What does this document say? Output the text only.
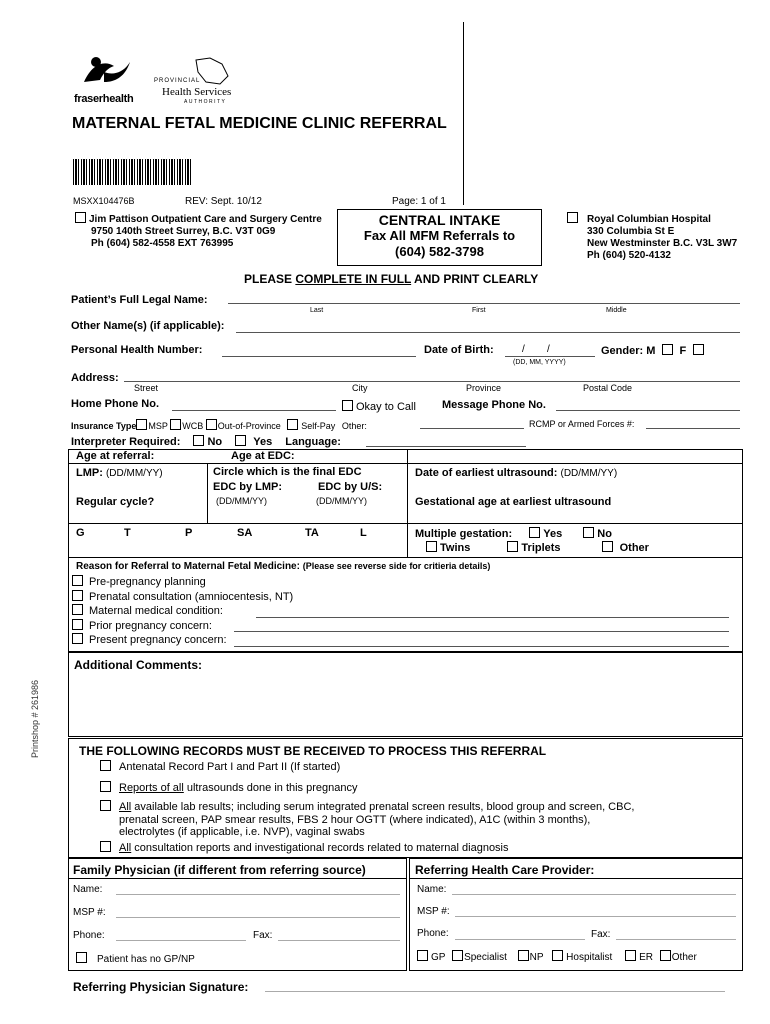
fraserhealth
PROVINCIAL
Health Services
AUTHORITY
MATERNAL FETAL MEDICINE CLINIC REFERRAL
MSXX104476B	REV: Sept. 10/12	Page: 1 of 1
Jim Pattison Outpatient Care and Surgery Centre
9750 140th Street Surrey, B.C. V3T 0G9
Ph (604) 582-4558 EXT 763995
CENTRAL INTAKE
Fax All MFM Referrals to
(604) 582-3798
Royal Columbian Hospital
330 Columbia St E
New Westminster B.C. V3L 3W7
Ph (604) 520-4132
PLEASE COMPLETE IN FULL AND PRINT CLEARLY
Patient’s Full Legal Name:
Last	First	Middle
Other Name(s) (if applicable):
Personal Health Number:	Date of Birth:	/        /
(DD, MM, YYYY)
Gender: M F
Address:
Street	City	Province	Postal Code
Home Phone No.	Okay to Call Message Phone No.
Insurance Type MSP WCB Out-of-Province Self-Pay Other:	RCMP or Armed Forces #:
Interpreter Required: No	Yes Language:
Age at referral:	Age at EDC:
LMP: (DD/MM/YY)
Regular cycle?
Circle which is the final EDC
EDC by LMP:	EDC by U/S:
(DD/MM/YY)	(DD/MM/YY)
Date of earliest ultrasound: (DD/MM/YY)
Gestational age at earliest ultrasound
G	T	P	SA	TA	L	Multiple gestation:	Yes	No
Twins	Triplets	Other
Reason for Referral to Maternal Fetal Medicine: (Please see reverse side for critieria details)
Pre-pregnancy planning
Prenatal consultation (amniocentesis, NT)
Maternal medical condition:
Prior pregnancy concern:
Present pregnancy concern:
Additional Comments:
Printshop # 261986	THE FOLLOWING RECORDS MUST BE RECEIVED TO PROCESS THIS REFERRAL
Antenatal Record Part I and Part II (If started)
Reports of all ultrasounds done in this pregnancy
All available lab results; including serum integrated prenatal screen results, blood group and screen, CBC,
prenatal screen, PAP smear results, FBS 2 hour OGTT (where indicated), A1C (within 3 months),
electrolytes (if applicable, i.e. NVP), vaginal swabs
All consultation reports and investigational records related to maternal diagnosis
Family Physician (if different from referring source)
Name:
MSP #:
Phone:	Fax:
Patient has no GP/NP
Referring Health Care Provider:
Name:
MSP #:
Phone:	Fax:
GP Specialist NP Hospitalist	ER Other
Referring Physician Signature:
